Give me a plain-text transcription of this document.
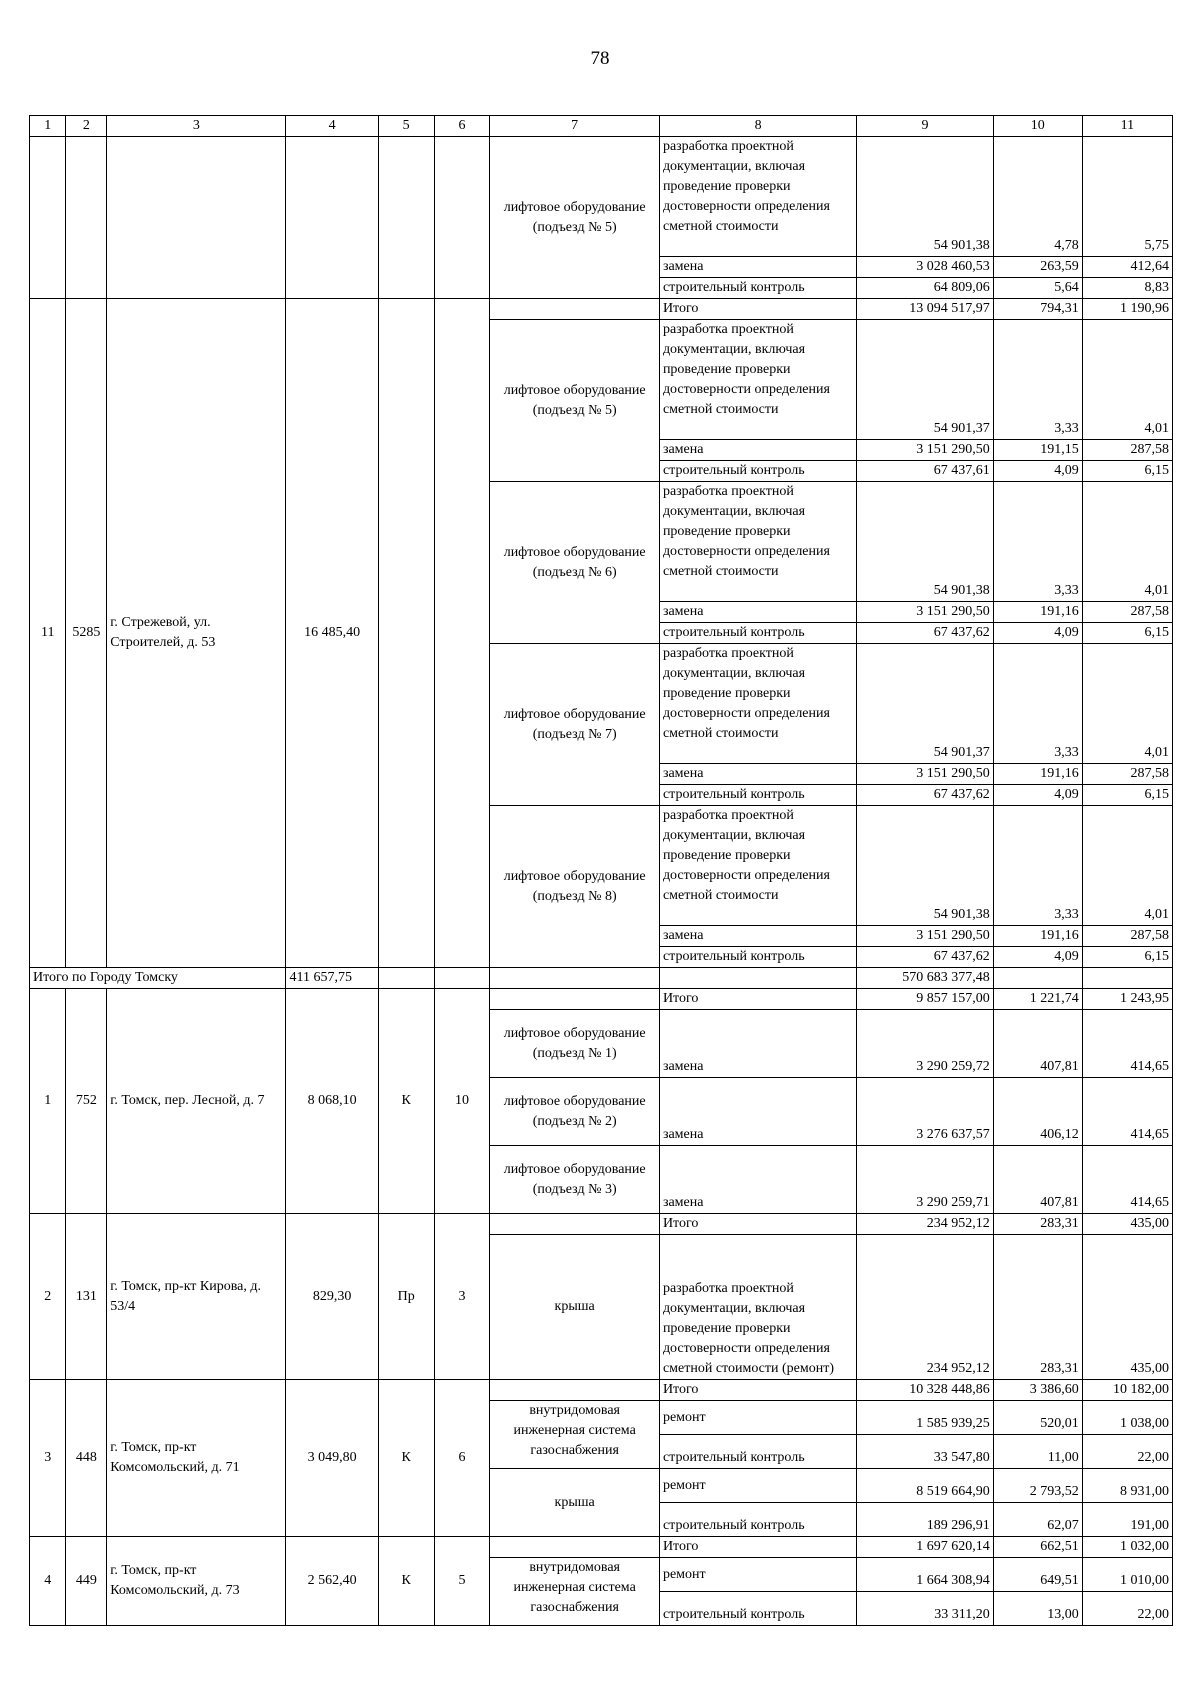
78
1	2	3	4	5	6	7	8	9	10	11
						лифтовое оборудование (подъезд № 5)	разработка проектной документации, включая проведение проверки достоверности определения сметной стоимости	54 901,38	4,78	5,75
							замена	3 028 460,53	263,59	412,64
							строительный контроль	64 809,06	5,64	8,83
11	5285	г. Стрежевой, ул. Строителей, д. 53	16 485,40				Итого	13 094 517,97	794,31	1 190,96
						лифтовое оборудование (подъезд № 5)	разработка проектной документации, включая проведение проверки достоверности определения сметной стоимости	54 901,37	3,33	4,01
							замена	3 151 290,50	191,15	287,58
							строительный контроль	67 437,61	4,09	6,15
						лифтовое оборудование (подъезд № 6)	разработка проектной документации, включая проведение проверки достоверности определения сметной стоимости	54 901,38	3,33	4,01
							замена	3 151 290,50	191,16	287,58
							строительный контроль	67 437,62	4,09	6,15
						лифтовое оборудование (подъезд № 7)	разработка проектной документации, включая проведение проверки достоверности определения сметной стоимости	54 901,37	3,33	4,01
							замена	3 151 290,50	191,16	287,58
							строительный контроль	67 437,62	4,09	6,15
						лифтовое оборудование (подъезд № 8)	разработка проектной документации, включая проведение проверки достоверности определения сметной стоимости	54 901,38	3,33	4,01
							замена	3 151 290,50	191,16	287,58
							строительный контроль	67 437,62	4,09	6,15
Итого по Городу Томску			411 657,75					570 683 377,48		
1	752	г. Томск, пер. Лесной, д. 7	8 068,10	К	10		Итого	9 857 157,00	1 221,74	1 243,95
						лифтовое оборудование (подъезд № 1)	замена	3 290 259,72	407,81	414,65
						лифтовое оборудование (подъезд № 2)	замена	3 276 637,57	406,12	414,65
						лифтовое оборудование (подъезд № 3)	замена	3 290 259,71	407,81	414,65
2	131	г. Томск, пр-кт Кирова, д. 53/4	829,30	Пр	3		Итого	234 952,12	283,31	435,00
						крыша	разработка проектной документации, включая проведение проверки достоверности определения сметной стоимости (ремонт)	234 952,12	283,31	435,00
3	448	г. Томск, пр-кт Комсомольский, д. 71	3 049,80	К	6		Итого	10 328 448,86	3 386,60	10 182,00
						внутридомовая инженерная система газоснабжения	ремонт	1 585 939,25	520,01	1 038,00
							строительный контроль	33 547,80	11,00	22,00
						крыша	ремонт	8 519 664,90	2 793,52	8 931,00
							строительный контроль	189 296,91	62,07	191,00
4	449	г. Томск, пр-кт Комсомольский, д. 73	2 562,40	К	5		Итого	1 697 620,14	662,51	1 032,00
						внутридомовая инженерная система газоснабжения	ремонт	1 664 308,94	649,51	1 010,00
							строительный контроль	33 311,20	13,00	22,00
